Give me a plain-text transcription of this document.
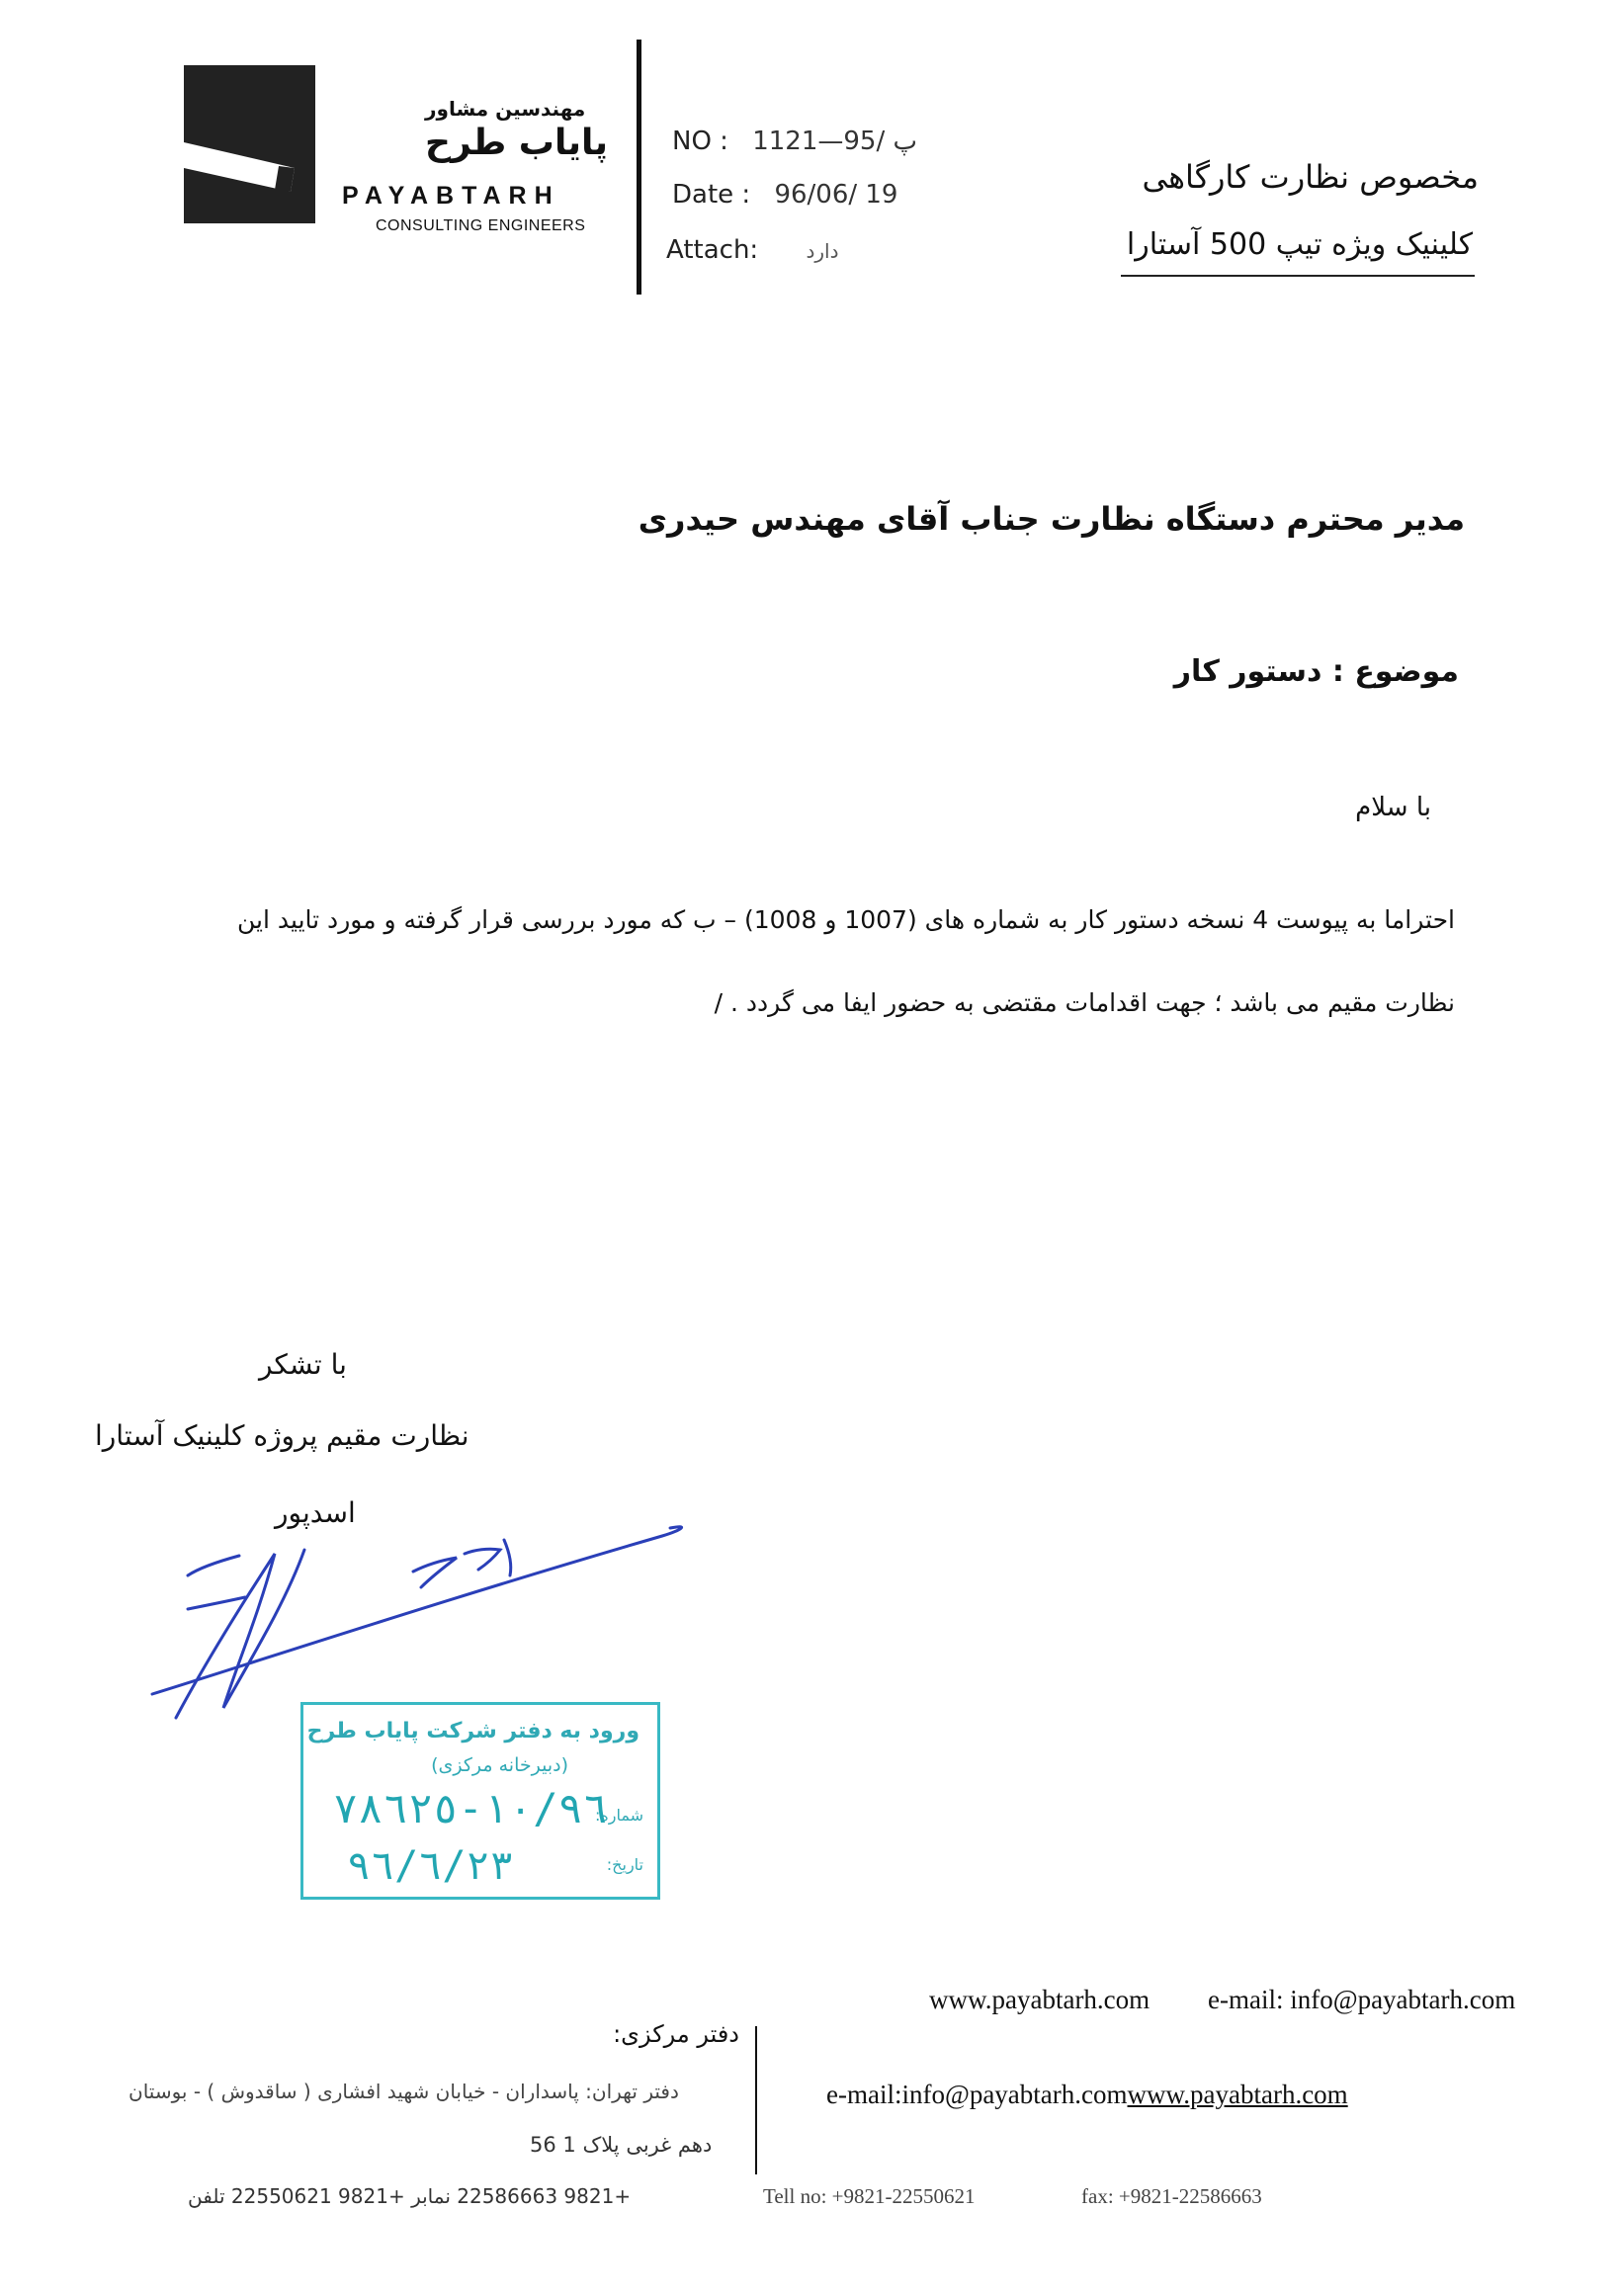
مهندسین مشاور
پایاب طرح
PAYABTARH
CONSULTING ENGINEERS
NO : پ /95—1121
Date : 96/06/ 19
Attach: دارد
مخصوص نظارت کارگاهی
کلینیک ویژه تیپ 500 آستارا
مدیر محترم دستگاه نظارت جناب آقای مهندس حیدری
موضوع : دستور کار
با سلام
احتراما به پیوست 4 نسخه دستور کار به شماره های (1007 و 1008) – ب که مورد بررسی قرار گرفته و مورد تایید این
نظارت مقیم می باشد ؛ جهت اقدامات مقتضی به حضور ایفا می گردد . /
با تشکر
نظارت مقیم پروژه کلینیک آستارا
اسدپور
ورود به دفتر شرکت پایاب طرح
(دبیرخانه مرکزی)
شماره:
١٠/٩٦-٧٨٦٢٥
تاریخ:
٩٦/٦/٢٣
www.payabtarh.com e-mail: info@payabtarh.com
دفتر مرکزی:
دفتر تهران: پاسداران - خیابان شهید افشاری ( ساقدوش ) - بوستان	e-mail:info@payabtarh.comwww.payabtarh.com
دهم غربی پلاک 1 56
+9821 22586663 نمابر +9821 22550621 تلفن	Tell no: +9821-22550621	fax: +9821-22586663
